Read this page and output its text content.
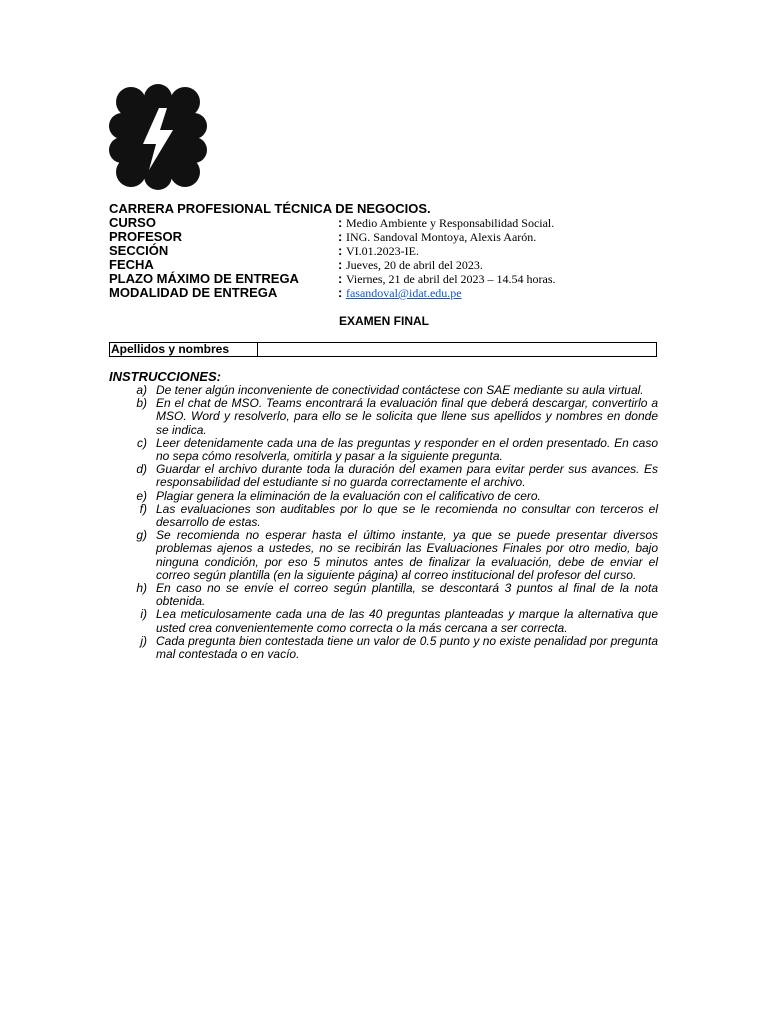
CARRERA PROFESIONAL TÉCNICA DE NEGOCIOS.
CURSO	: Medio Ambiente y Responsabilidad Social.
PROFESOR	: ING. Sandoval Montoya, Alexis Aarón.
SECCIÓN	: VI.01.2023-IE.
FECHA	: Jueves, 20 de abril del 2023.
PLAZO MÁXIMO DE ENTREGA	: Viernes, 21 de abril del 2023 – 14.54 horas.
MODALIDAD DE ENTREGA	: fasandoval@idat.edu.pe
EXAMEN FINAL
Apellidos y nombres
INSTRUCCIONES:
a) De tener algún inconveniente de conectividad contáctese con SAE mediante su aula virtual.
b) En el chat de MSO. Teams encontrará la evaluación final que deberá descargar, convertirlo a MSO. Word y resolverlo, para ello se le solicita que llene sus apellidos y nombres en donde se indica.
c) Leer detenidamente cada una de las preguntas y responder en el orden presentado. En caso no sepa cómo resolverla, omitirla y pasar a la siguiente pregunta.
d) Guardar el archivo durante toda la duración del examen para evitar perder sus avances. Es responsabilidad del estudiante si no guarda correctamente el archivo.
e) Plagiar genera la eliminación de la evaluación con el calificativo de cero.
f) Las evaluaciones son auditables por lo que se le recomienda no consultar con terceros el desarrollo de estas.
g) Se recomienda no esperar hasta el último instante, ya que se puede presentar diversos problemas ajenos a ustedes, no se recibirán las Evaluaciones Finales por otro medio, bajo ninguna condición, por eso 5 minutos antes de finalizar la evaluación, debe de enviar el correo según plantilla (en la siguiente página) al correo institucional del profesor del curso.
h) En caso no se envíe el correo según plantilla, se descontará 3 puntos al final de la nota obtenida.
i) Lea meticulosamente cada una de las 40 preguntas planteadas y marque la alternativa que usted crea convenientemente como correcta o la más cercana a ser correcta.
j) Cada pregunta bien contestada tiene un valor de 0.5 punto y no existe penalidad por pregunta mal contestada o en vacío.
